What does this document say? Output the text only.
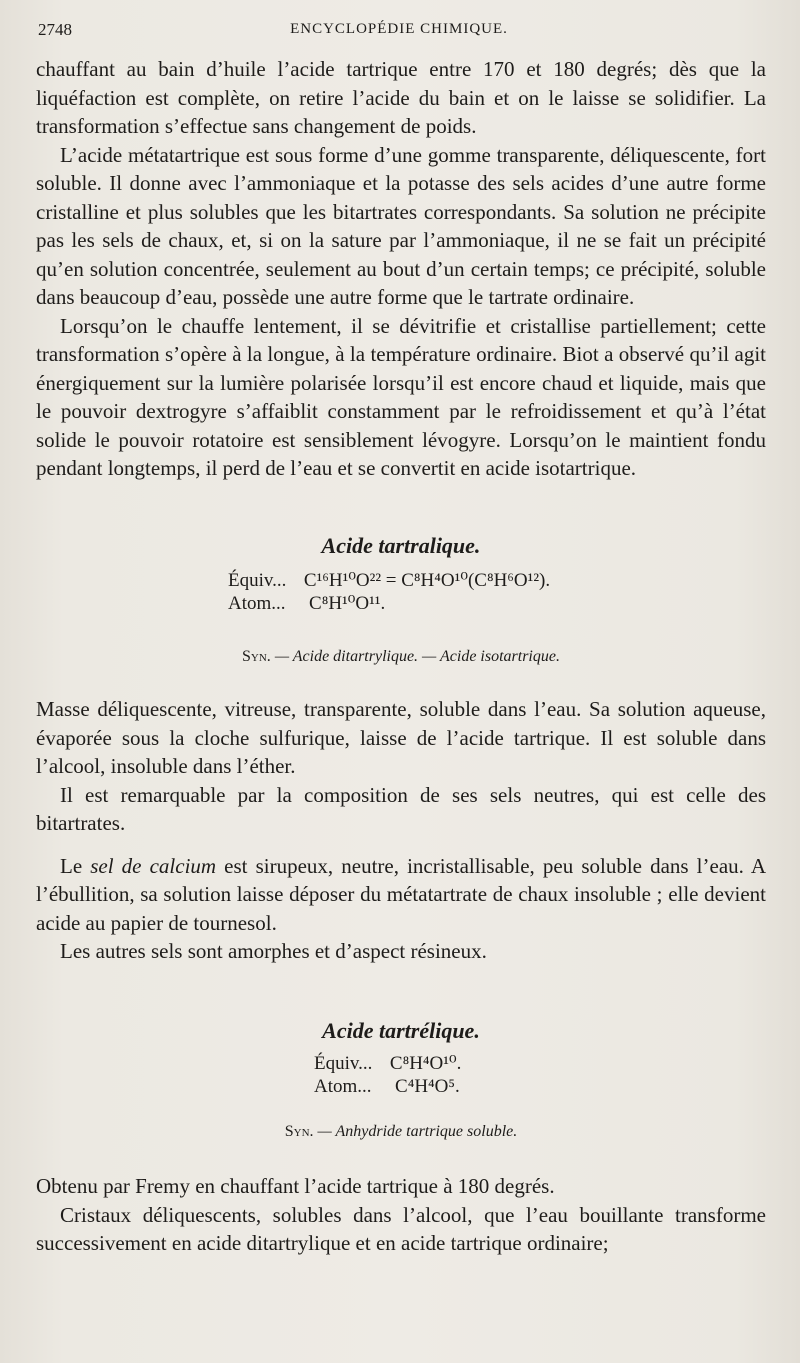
2748	ENCYCLOPÉDIE CHIMIQUE.

chauffant au bain d’huile l’acide tartrique entre 170 et 180 degrés; dès que la liquéfaction est complète, on retire l’acide du bain et on le laisse se solidifier. La transformation s’effectue sans changement de poids.

L’acide métatartrique est sous forme d’une gomme transparente, déliquescente, fort soluble. Il donne avec l’ammoniaque et la potasse des sels acides d’une autre forme cristalline et plus solubles que les bitartrates correspondants. Sa solution ne précipite pas les sels de chaux, et, si on la sature par l’ammoniaque, il ne se fait un précipité qu’en solution concentrée, seulement au bout d’un certain temps; ce précipité, soluble dans beaucoup d’eau, possède une autre forme que le tartrate ordinaire.

Lorsqu’on le chauffe lentement, il se dévitrifie et cristallise partiellement; cette transformation s’opère à la longue, à la température ordinaire. Biot a observé qu’il agit énergiquement sur la lumière polarisée lorsqu’il est encore chaud et liquide, mais que le pouvoir dextrogyre s’affaiblit constamment par le refroidissement et qu’à l’état solide le pouvoir rotatoire est sensiblement lévogyre. Lorsqu’on le maintient fondu pendant longtemps, il perd de l’eau et se convertit en acide isotartrique.

Acide tartralique.
Équiv... C¹⁶H¹⁰O²² = C⁸H⁴O¹⁰(C⁸H⁶O¹²).
Atom... C⁸H¹⁰O¹¹.

Syn. — Acide ditartrylique. — Acide isotartrique.

Masse déliquescente, vitreuse, transparente, soluble dans l’eau. Sa solution aqueuse, évaporée sous la cloche sulfurique, laisse de l’acide tartrique. Il est soluble dans l’alcool, insoluble dans l’éther.

Il est remarquable par la composition de ses sels neutres, qui est celle des bitartrates.

Le sel de calcium est sirupeux, neutre, incristallisable, peu soluble dans l’eau. A l’ébullition, sa solution laisse déposer du métatartrate de chaux insoluble ; elle devient acide au papier de tournesol.

Les autres sels sont amorphes et d’aspect résineux.

Acide tartrélique.
Équiv... C⁸H⁴O¹⁰.
Atom... C⁴H⁴O⁵.

Syn. — Anhydride tartrique soluble.

Obtenu par Fremy en chauffant l’acide tartrique à 180 degrés.

Cristaux déliquescents, solubles dans l’alcool, que l’eau bouillante transforme successivement en acide ditartrylique et en acide tartrique ordinaire;
